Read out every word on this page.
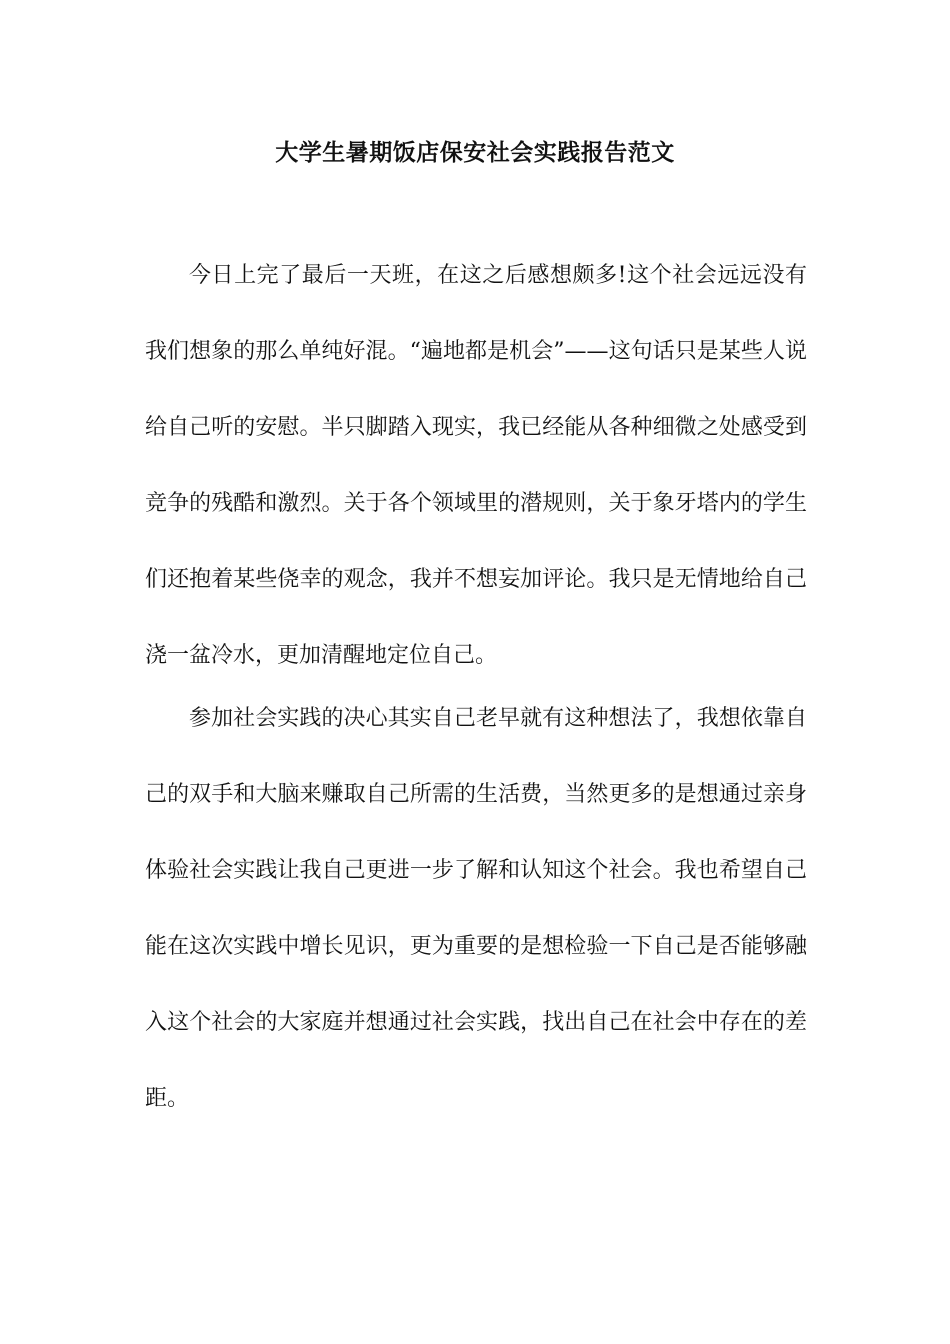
大学生暑期饭店保安社会实践报告范文

今日上完了最后一天班，在这之后感想颇多!这个社会远远没有我们想象的那么单纯好混。“遍地都是机会”——这句话只是某些人说给自己听的安慰。半只脚踏入现实，我已经能从各种细微之处感受到竞争的残酷和激烈。关于各个领域里的潜规则，关于象牙塔内的学生们还抱着某些侥幸的观念，我并不想妄加评论。我只是无情地给自己浇一盆冷水，更加清醒地定位自己。

参加社会实践的决心其实自己老早就有这种想法了，我想依靠自己的双手和大脑来赚取自己所需的生活费，当然更多的是想通过亲身体验社会实践让我自己更进一步了解和认知这个社会。我也希望自己能在这次实践中增长见识，更为重要的是想检验一下自己是否能够融入这个社会的大家庭并想通过社会实践，找出自己在社会中存在的差距。
